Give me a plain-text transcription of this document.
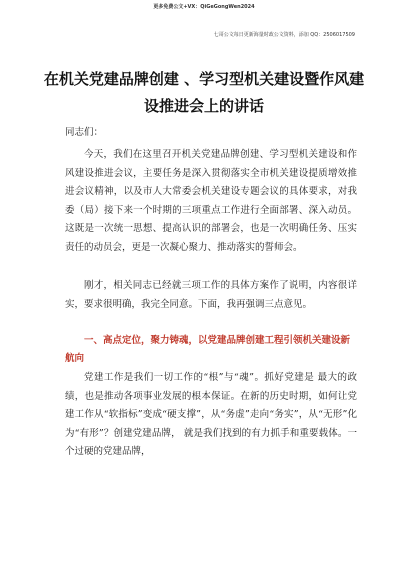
更多免费公文+VX：QiGeGongWen2024
七哥公文每日更新海量时政公文资料，添加 QQ：2506017509
在机关党建品牌创建 、学习型机关建设暨作风建设推进会上的讲话
同志们：
今天，我们在这里召开机关党建品牌创建、学习型机关建设和作风建设推进会议，主要任务是深入贯彻落实全市机关建设提质增效推进会议精神，以及市人大常委会机关建设专题会议的具体要求，对我委（局）接下来一个时期的三项重点工作进行全面部署、深入动员。这既是一次统一思想、提高认识的部署会，也是一次明确任务、压实责任的动员会，更是一次凝心聚力、推动落实的誓师会。
刚才，相关同志已经就三项工作的具体方案作了说明，内容很详实，要求很明确，我完全同意。下面，我再强调三点意见。
一、高点定位，聚力铸魂，以党建品牌创建工程引领机关建设新航向
党建工作是我们一切工作的“根”与“魂”。抓好党建是 最大的政绩，也是推动各项事业发展的根本保证。在新的历史时期，如何让党建工作从“软指标”变成“硬支撑”，从“务虚”走向“务实”，从“无形”化为“有形”？创建党建品牌， 就是我们找到的有力抓手和重要载体。一个过硬的党建品牌，
